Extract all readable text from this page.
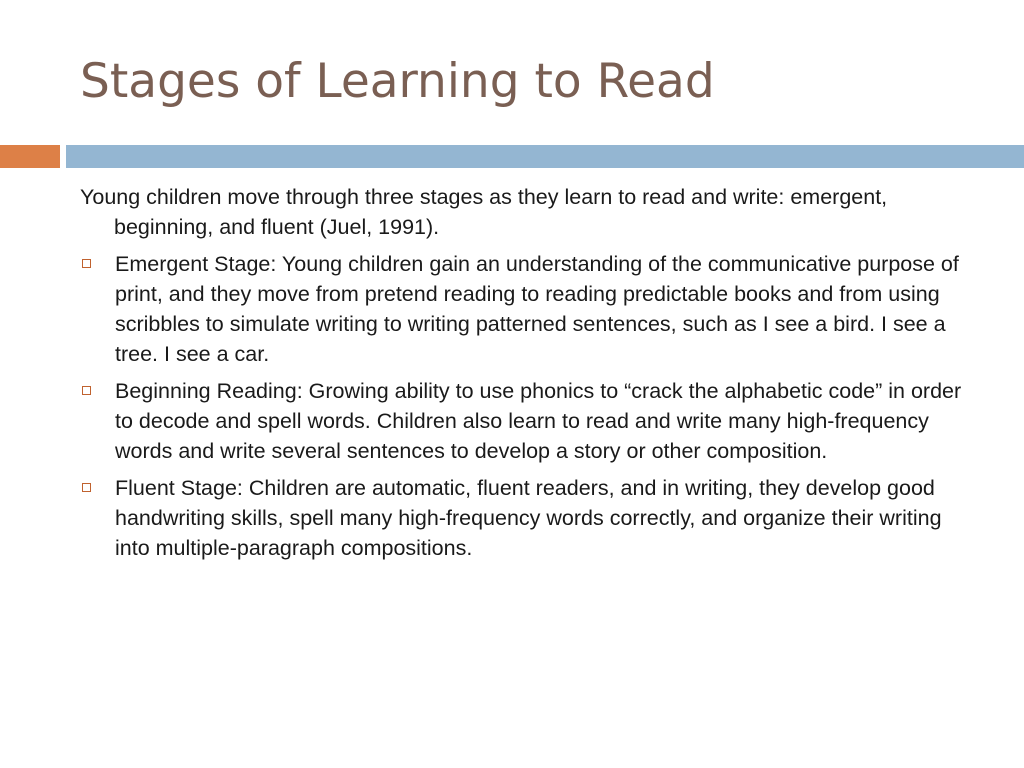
Stages of Learning to Read

Young children move through three stages as they learn to read and write: emergent, beginning, and fluent (Juel, 1991).

Emergent Stage: Young children gain an understanding of the communicative purpose of print, and they move from pretend reading to reading predictable books and from using scribbles to simulate writing to writing patterned sentences, such as I see a bird. I see a tree. I see a car.
Beginning Reading: Growing ability to use phonics to “crack the alphabetic code” in order to decode and spell words. Children also learn to read and write many high-frequency words and write several sentences to develop a story or other composition.
Fluent Stage: Children are automatic, fluent readers, and in writing, they develop good handwriting skills, spell many high-frequency words correctly, and organize their writing into multiple-paragraph compositions.
